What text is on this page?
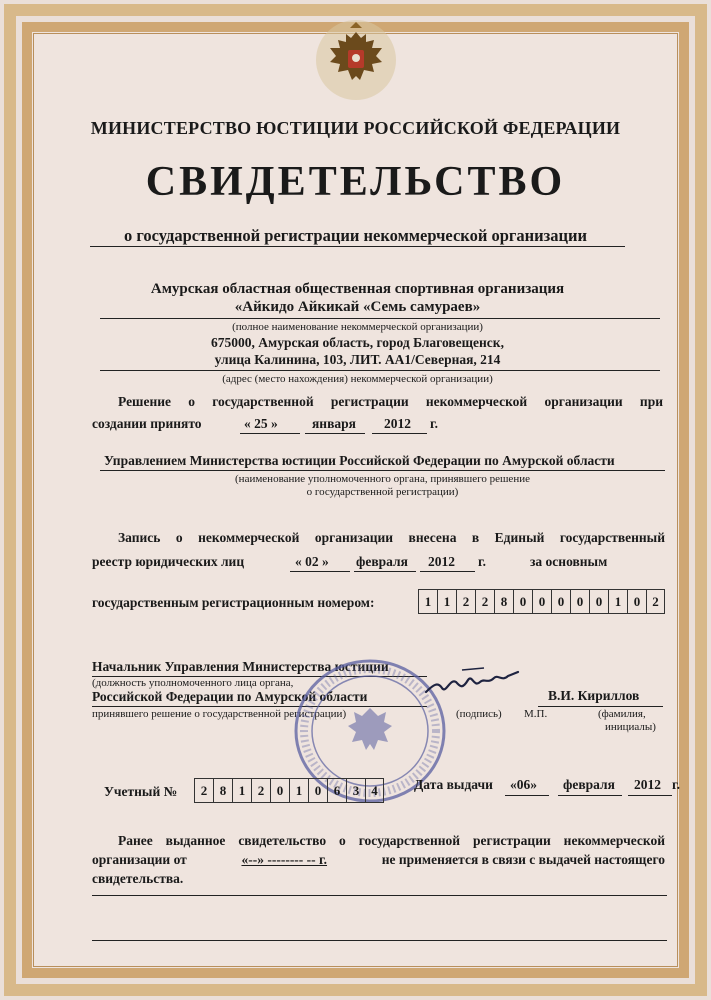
МИНИСТЕРСТВО ЮСТИЦИИ РОССИЙСКОЙ ФЕДЕРАЦИИ
СВИДЕТЕЛЬСТВО
о государственной регистрации некоммерческой организации
Амурская областная общественная спортивная организация
«Айкидо Айкикай «Семь самураев»
(полное наименование некоммерческой организации)
675000, Амурская область, город Благовещенск,
улица Калинина, 103, ЛИТ. АА1/Северная, 214
(адрес (место нахождения) некоммерческой организации)
Решение о государственной регистрации некоммерческой организации при
создании принято	« 25 »	января 2012 г.
Управлением Министерства юстиции Российской Федерации по Амурской области
(наименование уполномоченного органа, принявшего решение
о государственной регистрации)
Запись о некоммерческой организации внесена в Единый государственный
реестр юридических лиц	« 02 » февраля 2012 г.	за основным
государственным регистрационным номером:	1 1 2 2 8 0 0 0 0 0 1 0 2
Начальник Управления Министерства юстиции
(должность уполномоченного лица органа,
Российской Федерации по Амурской области
принявшего решение о государственной регистрации)	(подпись) М.П.
В.И. Кириллов
(фамилия,
инициалы)
Учетный №	2 8 1 2 0 1 0 6 3 4	Дата выдачи «06» февраля 2012 г.
Ранее выданное свидетельство о государственной регистрации некоммерческой
организации от	«--» -------- -- г.	не применяется в связи с выдачей настоящего
свидетельства.
